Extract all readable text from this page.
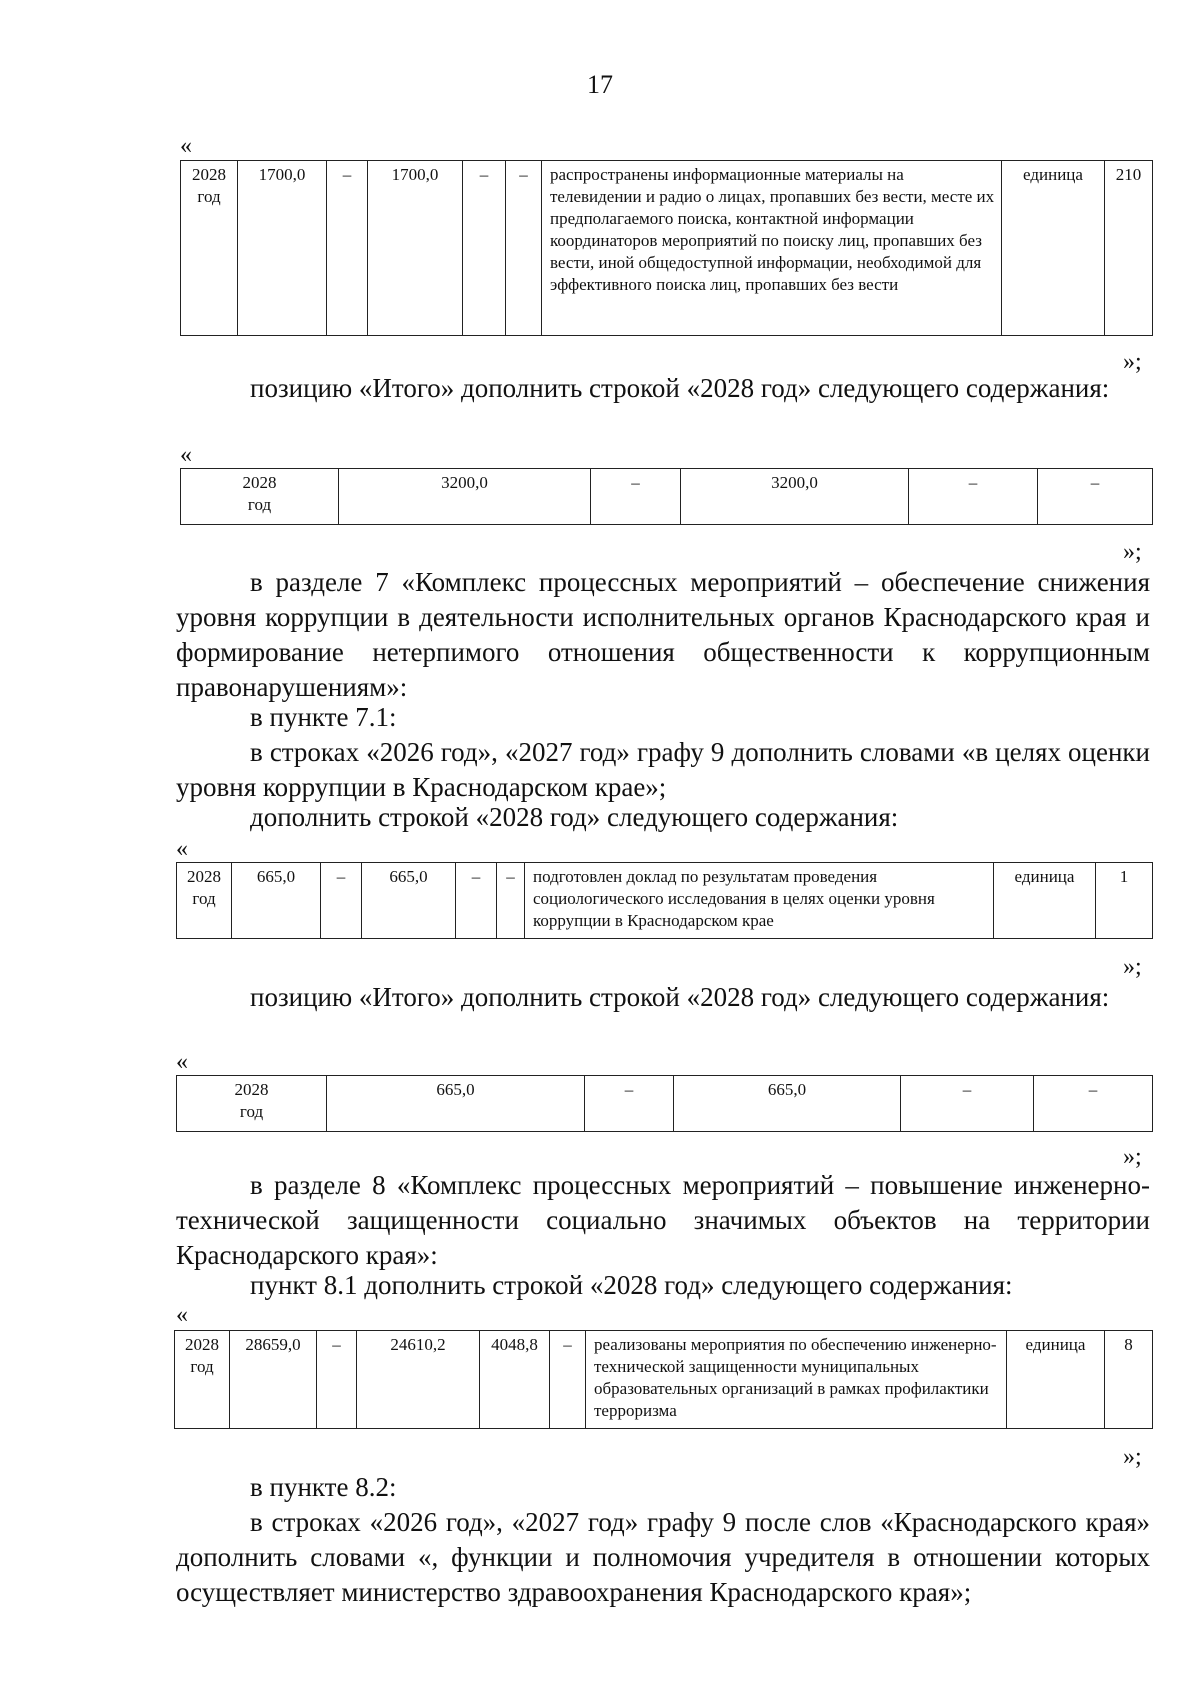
17
«
2028
год	1700,0	–	1700,0	–	–	распространены информационные материалы на телевидении и радио о лицах, пропавших без вести, месте их предполагаемого поиска, контактной информации координаторов мероприятий по поиску лиц, пропавших без вести, иной общедоступной информации, необходимой для эффективного поиска лиц, пропавших без вести	единица	210
»;
позицию «Итого» дополнить строкой «2028 год» следующего содержания:
«
2028
год	3200,0	–	3200,0	–	–
»;
в разделе 7 «Комплекс процессных мероприятий – обеспечение снижения уровня коррупции в деятельности исполнительных органов Краснодарского края и формирование нетерпимого отношения общественности к коррупционным правонарушениям»:
в пункте 7.1:
в строках «2026 год», «2027 год» графу 9 дополнить словами «в целях оценки уровня коррупции в Краснодарском крае»;
дополнить строкой «2028 год» следующего содержания:
«
2028
год	665,0	–	665,0	–	–	подготовлен доклад по результатам проведения социологического исследования в целях оценки уровня коррупции в Краснодарском крае	единица	1
»;
позицию «Итого» дополнить строкой «2028 год» следующего содержания:
«
2028
год	665,0	–	665,0	–	–
»;
в разделе 8 «Комплекс процессных мероприятий – повышение инженерно-технической защищенности социально значимых объектов на территории Краснодарского края»:
пункт 8.1 дополнить строкой «2028 год» следующего содержания:
«
2028
год	28659,0	–	24610,2	4048,8	–	реализованы мероприятия по обеспечению инженерно-технической защищенности муниципальных образовательных организаций в рамках профилактики терроризма	единица	8
»;
в пункте 8.2:
в строках «2026 год», «2027 год» графу 9 после слов «Краснодарского края» дополнить словами «, функции и полномочия учредителя в отношении которых осуществляет министерство здравоохранения Краснодарского края»;
